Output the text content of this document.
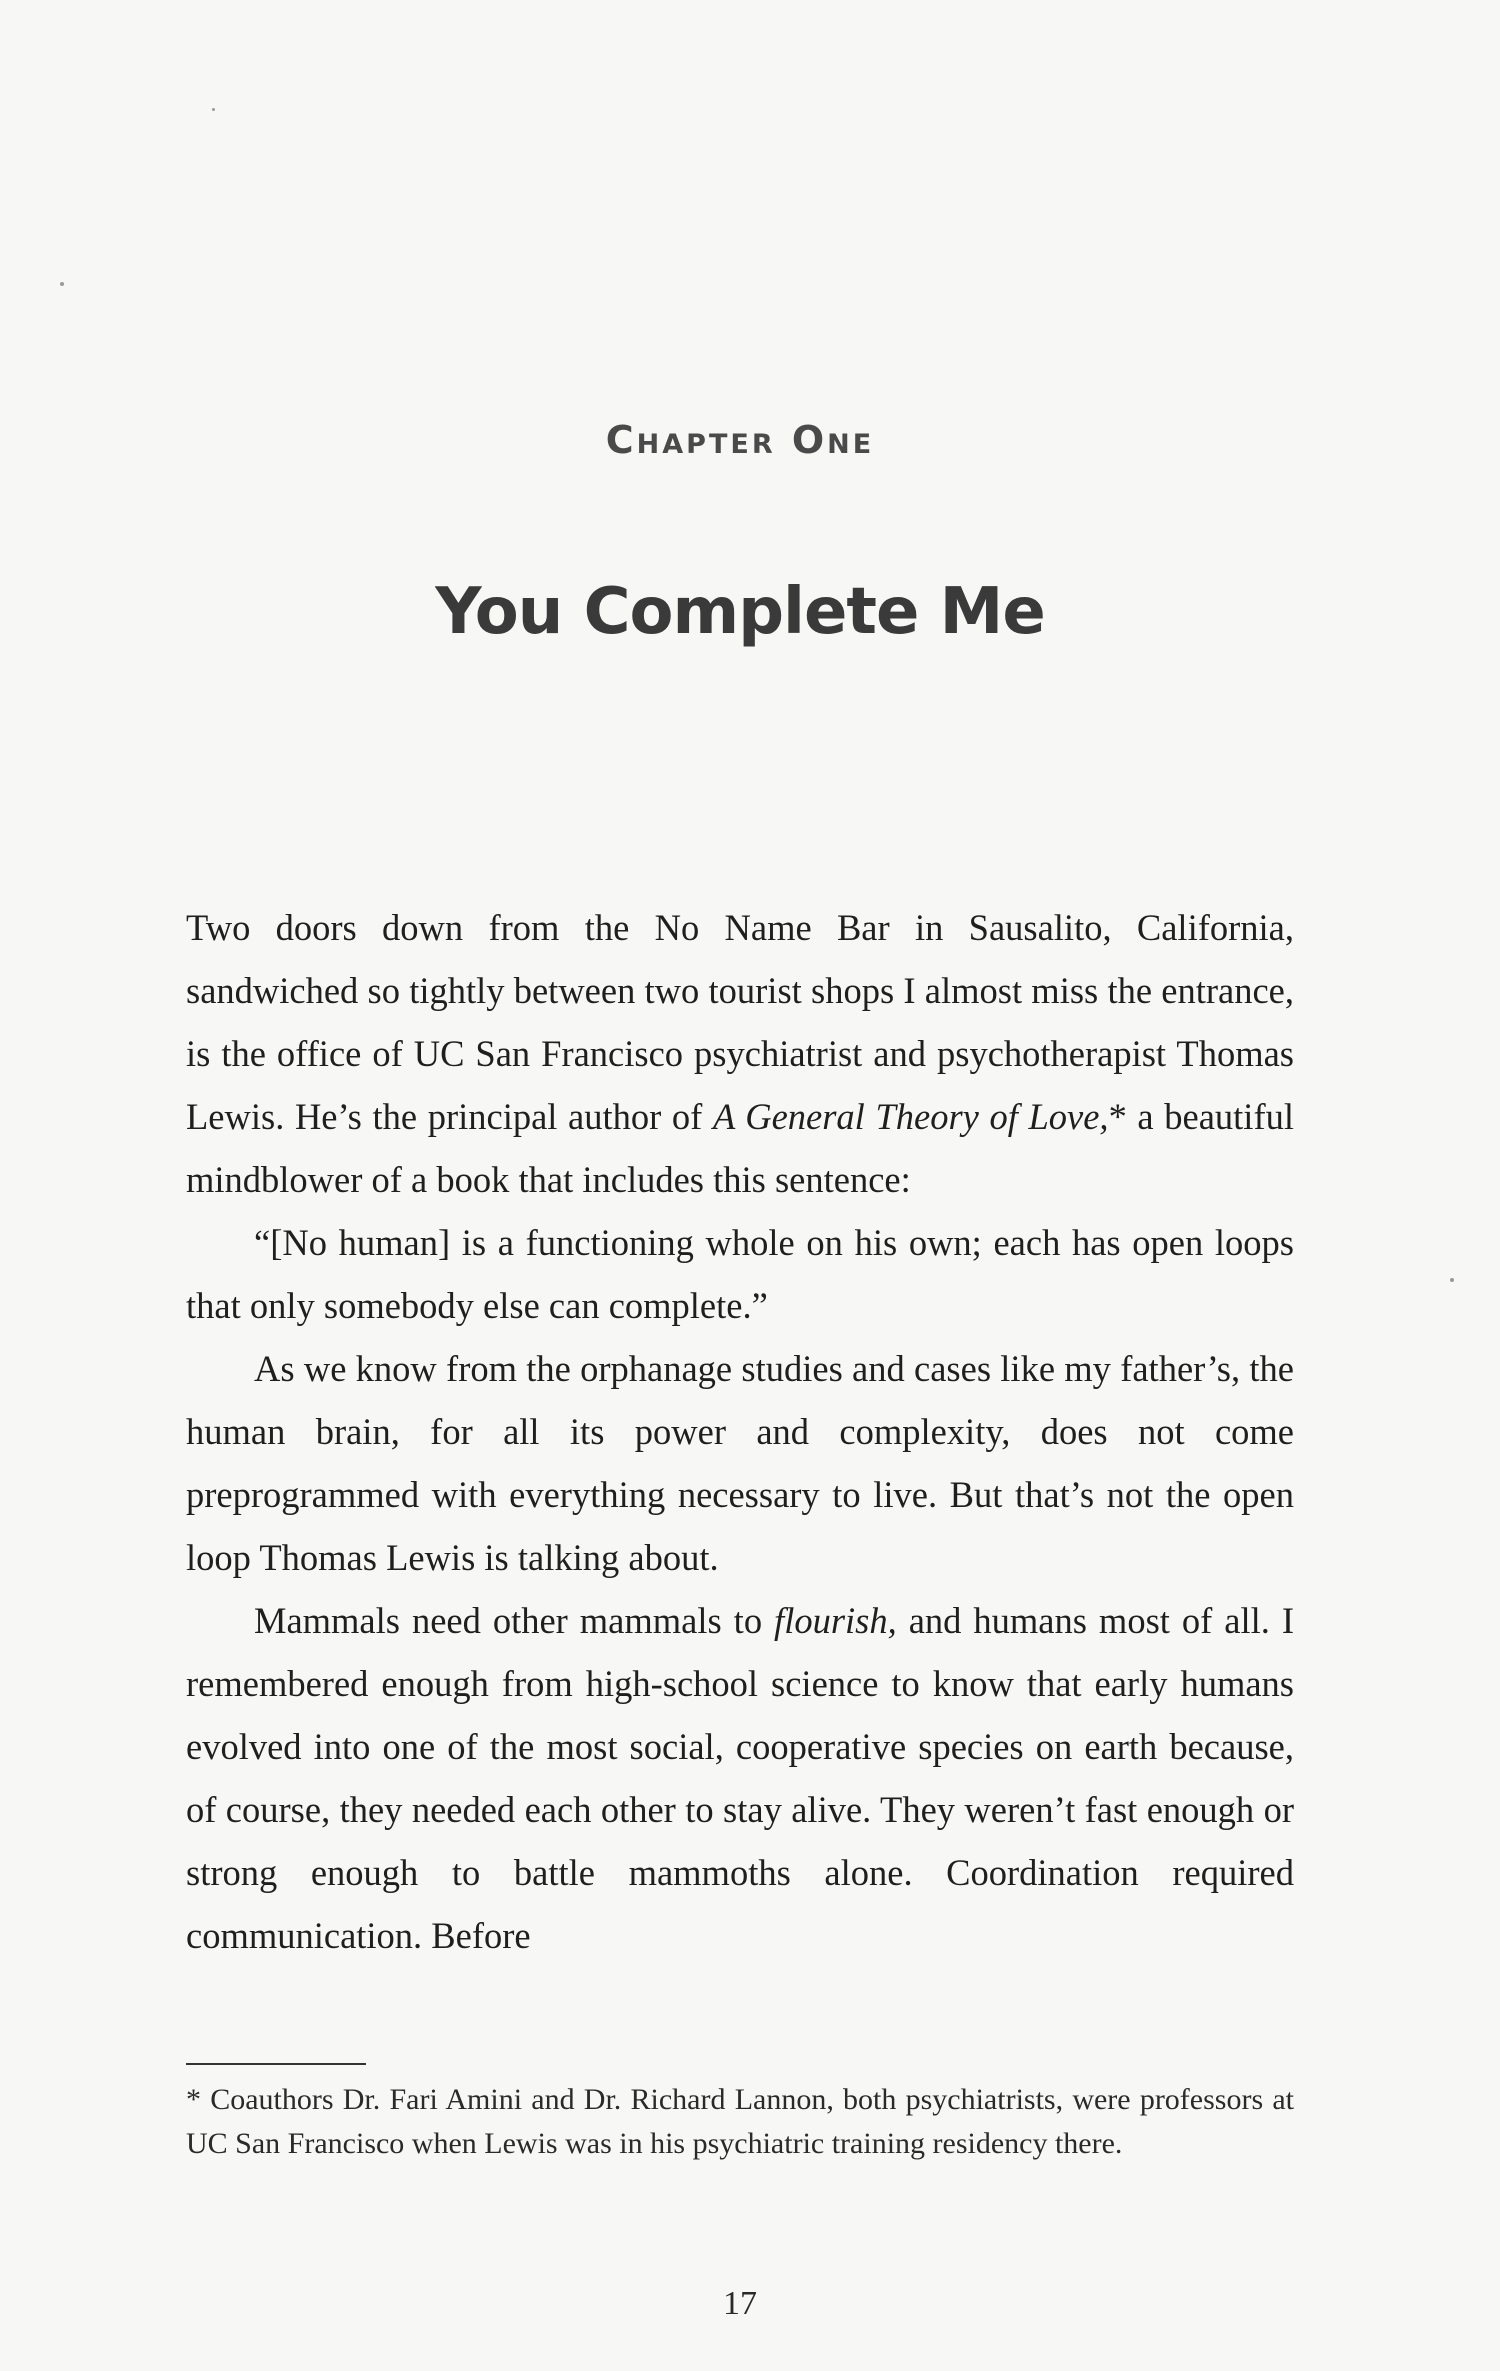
Chapter One
You Complete Me

Two doors down from the No Name Bar in Sausalito, California, sandwiched so tightly between two tourist shops I almost miss the entrance, is the office of UC San Francisco psychiatrist and psychotherapist Thomas Lewis. He’s the principal author of A General Theory of Love,* a beautiful mindblower of a book that includes this sentence:

“[No human] is a functioning whole on his own; each has open loops that only somebody else can complete.”

As we know from the orphanage studies and cases like my father’s, the human brain, for all its power and complexity, does not come preprogrammed with everything necessary to live. But that’s not the open loop Thomas Lewis is talking about.

Mammals need other mammals to flourish, and humans most of all. I remembered enough from high-school science to know that early humans evolved into one of the most social, cooperative species on earth because, of course, they needed each other to stay alive. They weren’t fast enough or strong enough to battle mammoths alone. Coordination required communication. Before

* Coauthors Dr. Fari Amini and Dr. Richard Lannon, both psychiatrists, were professors at UC San Francisco when Lewis was in his psychiatric training residency there.
17
